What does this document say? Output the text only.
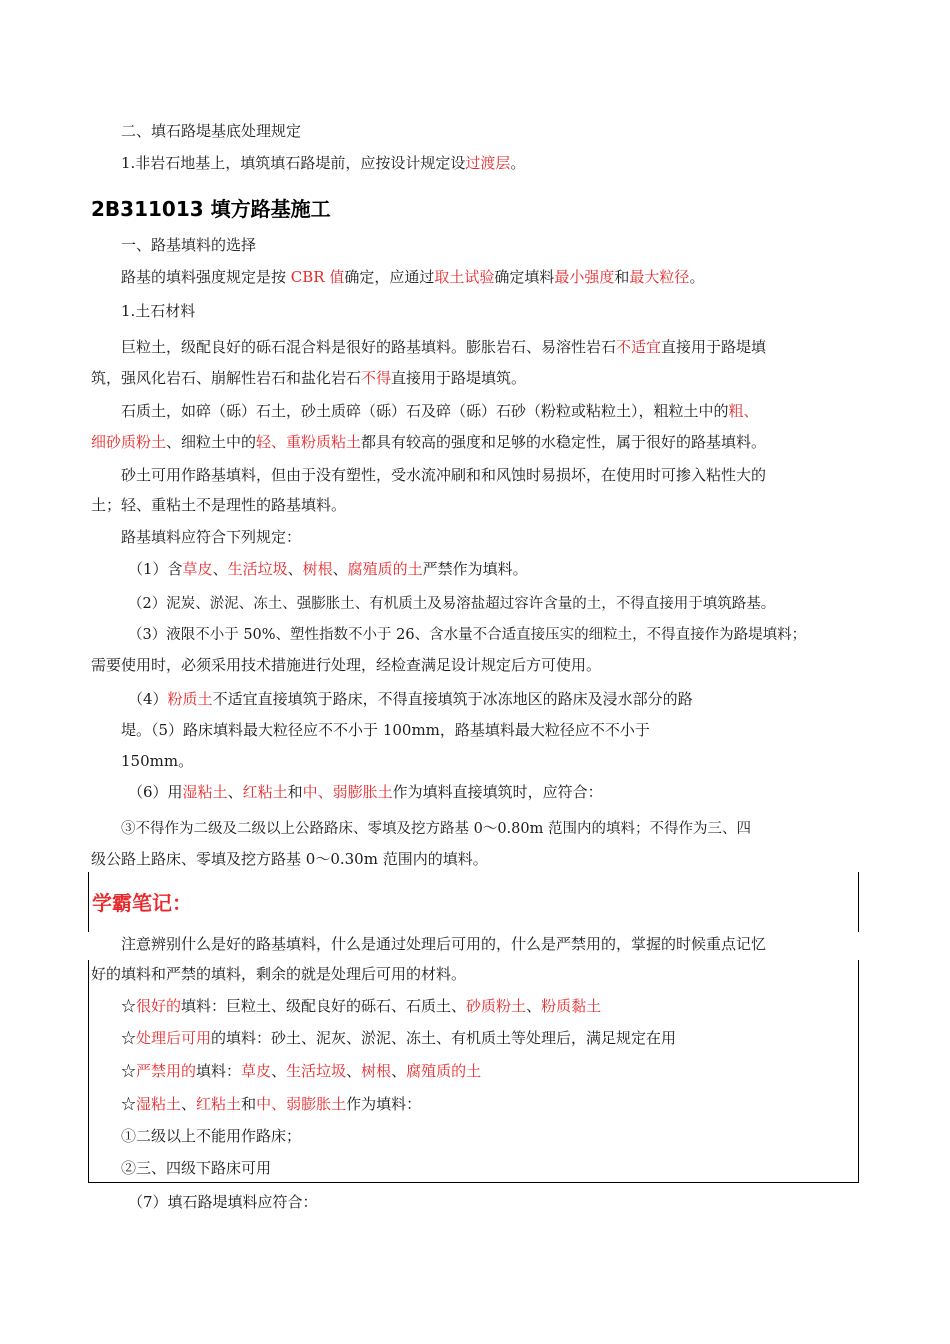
二、填石路堤基底处理规定
1.非岩石地基上，填筑填石路堤前，应按设计规定设过渡层。
2B311013 填方路基施工
一、路基填料的选择
路基的填料强度规定是按 CBR 值确定，应通过取土试验确定填料最小强度和最大粒径。
1.土石材料
巨粒土，级配良好的砾石混合料是很好的路基填料。膨胀岩石、易溶性岩石不适宜直接用于路堤填
筑，强风化岩石、崩解性岩石和盐化岩石不得直接用于路堤填筑。
石质土，如碎（砾）石土，砂土质碎（砾）石及碎（砾）石砂（粉粒或粘粒土），粗粒土中的粗、
细砂质粉土、细粒土中的轻、重粉质粘土都具有较高的强度和足够的水稳定性，属于很好的路基填料。
砂土可用作路基填料，但由于没有塑性，受水流冲刷和和风蚀时易损坏，在使用时可掺入粘性大的
土；轻、重粘土不是理性的路基填料。
路基填料应符合下列规定：
（1）含草皮、生活垃圾、树根、腐殖质的土严禁作为填料。
（2）泥炭、淤泥、冻土、强膨胀土、有机质土及易溶盐超过容许含量的土，不得直接用于填筑路基。
（3）液限不小于 50%、塑性指数不小于 26、含水量不合适直接压实的细粒土，不得直接作为路堤填料；
需要使用时，必须采用技术措施进行处理，经检查满足设计规定后方可使用。
（4）粉质土不适宜直接填筑于路床，不得直接填筑于冰冻地区的路床及浸水部分的路
堤。（5）路床填料最大粒径应不不小于 100mm，路基填料最大粒径应不不小于
150mm。
（6）用湿粘土、红粘土和中、弱膨胀土作为填料直接填筑时，应符合：
③不得作为二级及二级以上公路路床、零填及挖方路基 0～0.80m 范围内的填料；不得作为三、四
级公路上路床、零填及挖方路基 0～0.30m 范围内的填料。
学霸笔记：
注意辨别什么是好的路基填料，什么是通过处理后可用的，什么是严禁用的，掌握的时候重点记忆
好的填料和严禁的填料，剩余的就是处理后可用的材料。
☆很好的填料：巨粒土、级配良好的砾石、石质土、砂质粉土、粉质黏土
☆处理后可用的填料：砂土、泥灰、淤泥、冻土、有机质土等处理后，满足规定在用
☆严禁用的填料：草皮、生活垃圾、树根、腐殖质的土
☆湿粘土、红粘土和中、弱膨胀土作为填料：
①二级以上不能用作路床；
②三、四级下路床可用
（7）填石路堤填料应符合：
